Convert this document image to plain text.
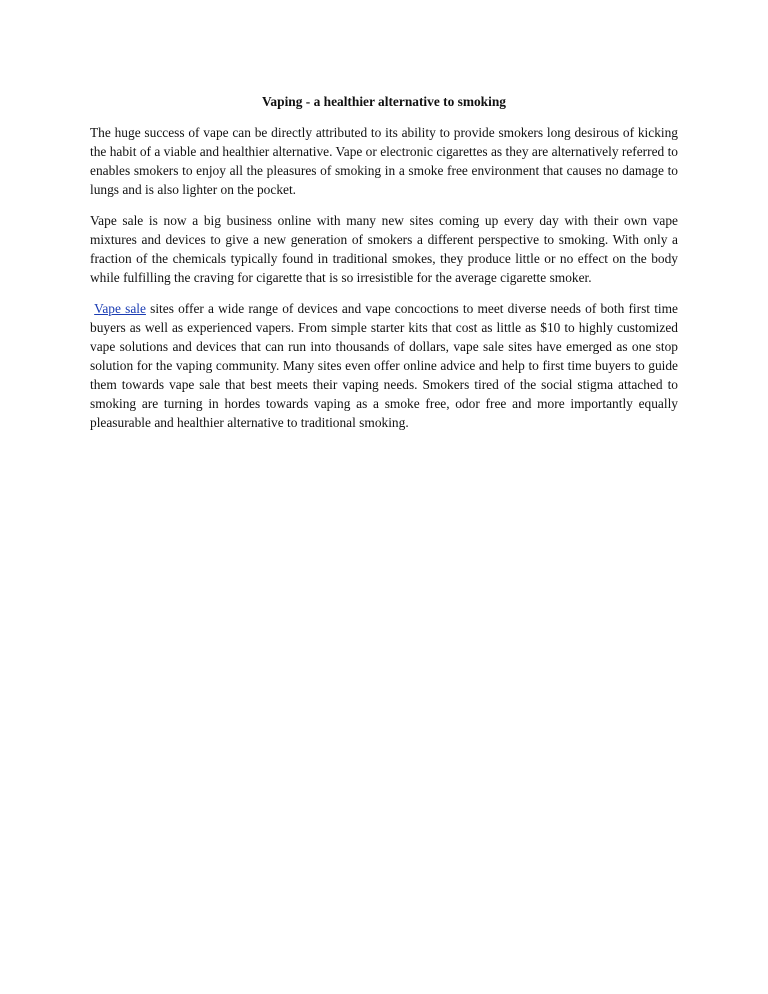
Vaping - a healthier alternative to smoking

The huge success of vape can be directly attributed to its ability to provide smokers long desirous of kicking the habit of a viable and healthier alternative. Vape or electronic cigarettes as they are alternatively referred to enables smokers to enjoy all the pleasures of smoking in a smoke free environment that causes no damage to lungs and is also lighter on the pocket.

Vape sale is now a big business online with many new sites coming up every day with their own vape mixtures and devices to give a new generation of smokers a different perspective to smoking. With only a fraction of the chemicals typically found in traditional smokes, they produce little or no effect on the body while fulfilling the craving for cigarette that is so irresistible for the average cigarette smoker.

Vape sale sites offer a wide range of devices and vape concoctions to meet diverse needs of both first time buyers as well as experienced vapers. From simple starter kits that cost as little as $10 to highly customized vape solutions and devices that can run into thousands of dollars, vape sale sites have emerged as one stop solution for the vaping community. Many sites even offer online advice and help to first time buyers to guide them towards vape sale that best meets their vaping needs. Smokers tired of the social stigma attached to smoking are turning in hordes towards vaping as a smoke free, odor free and more importantly equally pleasurable and healthier alternative to traditional smoking.
